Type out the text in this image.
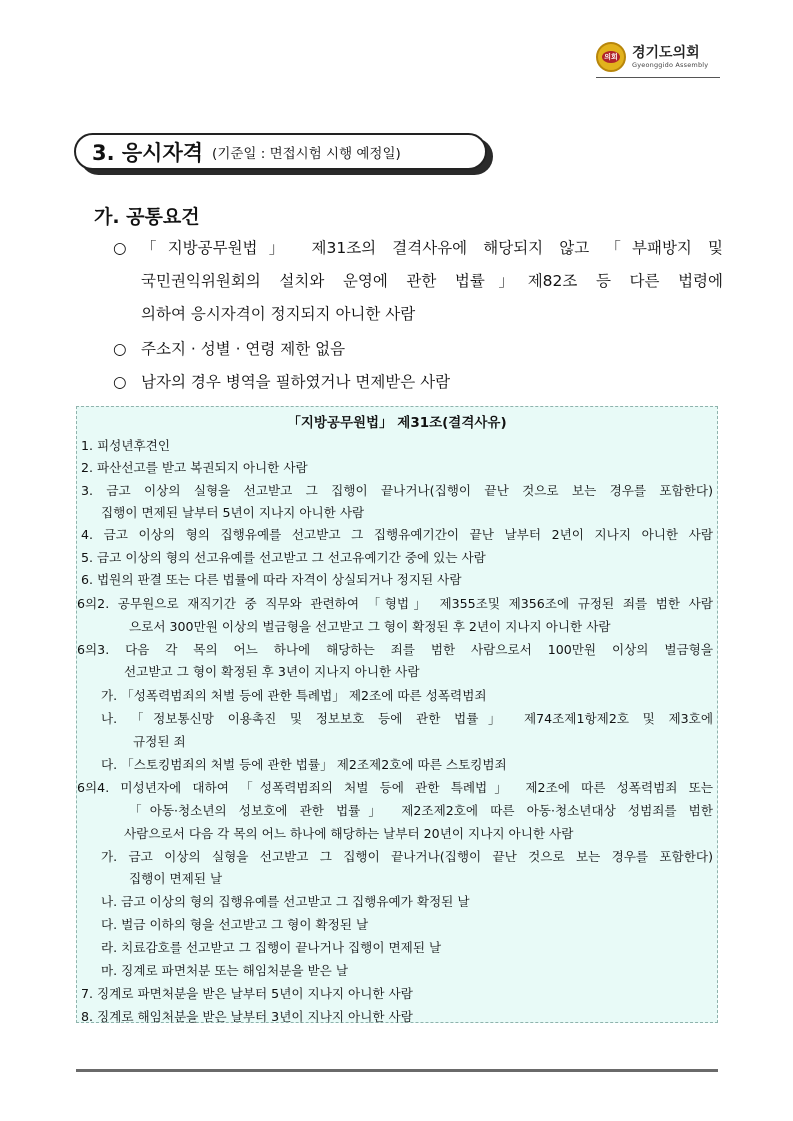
의회 경기도의회
Gyeonggido Assembly
3. 응시자격 (기준일 : 면접시험 시행 예정일)
가. 공통요건
○ 「지방공무원법」 제31조의 결격사유에 해당되지 않고 「부패방지 및
국민권익위원회의 설치와 운영에 관한 법률」제82조 등 다른 법령에
의하여 응시자격이 정지되지 아니한 사람
○ 주소지 · 성별 · 연령 제한 없음
○ 남자의 경우 병역을 필하였거나 면제받은 사람
「지방공무원법」 제31조(결격사유)
1. 피성년후견인
2. 파산선고를 받고 복권되지 아니한 사람
3. 금고 이상의 실형을 선고받고 그 집행이 끝나거나(집행이 끝난 것으로 보는 경우를 포함한다)
집행이 면제된 날부터 5년이 지나지 아니한 사람
4. 금고 이상의 형의 집행유예를 선고받고 그 집행유예기간이 끝난 날부터 2년이 지나지 아니한 사람
5. 금고 이상의 형의 선고유예를 선고받고 그 선고유예기간 중에 있는 사람
6. 법원의 판결 또는 다른 법률에 따라 자격이 상실되거나 정지된 사람
6의2. 공무원으로 재직기간 중 직무와 관련하여 「형법」 제355조및 제356조에 규정된 죄를 범한 사람
으로서 300만원 이상의 벌금형을 선고받고 그 형이 확정된 후 2년이 지나지 아니한 사람
6의3. 다음 각 목의 어느 하나에 해당하는 죄를 범한 사람으로서 100만원 이상의 벌금형을
선고받고 그 형이 확정된 후 3년이 지나지 아니한 사람
가. 「성폭력범죄의 처벌 등에 관한 특례법」 제2조에 따른 성폭력범죄
나. 「정보통신망 이용촉진 및 정보보호 등에 관한 법률」 제74조제1항제2호 및 제3호에
규정된 죄
다. 「스토킹범죄의 처벌 등에 관한 법률」 제2조제2호에 따른 스토킹범죄
6의4. 미성년자에 대하여 「성폭력범죄의 처벌 등에 관한 특례법」 제2조에 따른 성폭력범죄 또는
「아동·청소년의 성보호에 관한 법률」 제2조제2호에 따른 아동·청소년대상 성범죄를 범한
사람으로서 다음 각 목의 어느 하나에 해당하는 날부터 20년이 지나지 아니한 사람
가. 금고 이상의 실형을 선고받고 그 집행이 끝나거나(집행이 끝난 것으로 보는 경우를 포함한다)
집행이 면제된 날
나. 금고 이상의 형의 집행유예를 선고받고 그 집행유예가 확정된 날
다. 벌금 이하의 형을 선고받고 그 형이 확정된 날
라. 치료감호를 선고받고 그 집행이 끝나거나 집행이 면제된 날
마. 징계로 파면처분 또는 해임처분을 받은 날
7. 징계로 파면처분을 받은 날부터 5년이 지나지 아니한 사람
8. 징계로 해임처분을 받은 날부터 3년이 지나지 아니한 사람
